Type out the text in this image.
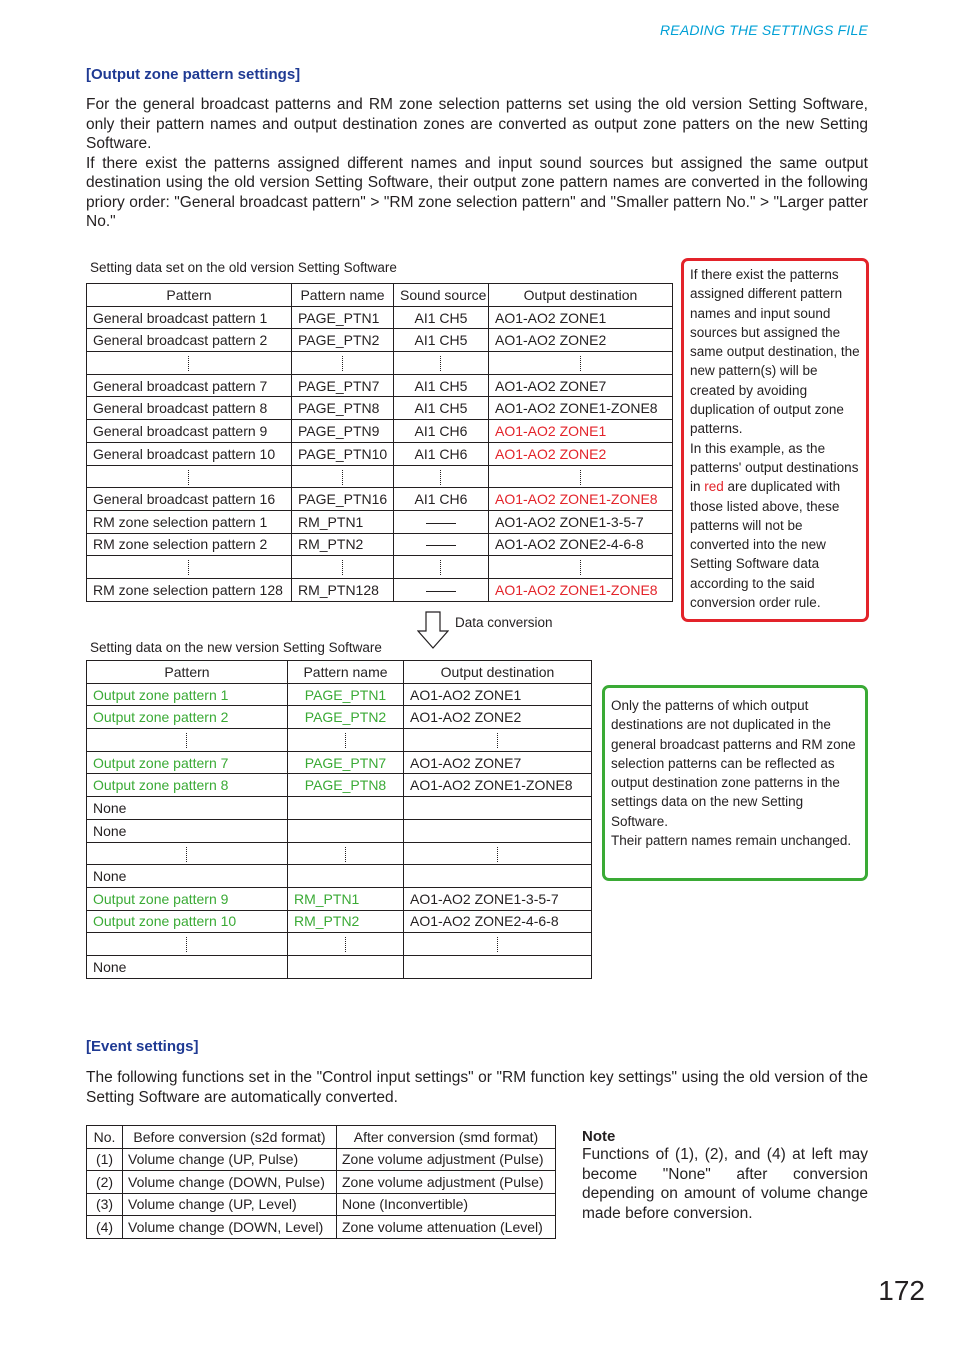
READING THE SETTINGS FILE
[Output zone pattern settings]
For the general broadcast patterns and RM zone selection patterns set using the old version Setting Software, only their pattern names and output destination zones are converted as output zone patters on the new Setting Software.
If there exist the patterns assigned different names and input sound sources but assigned the same output destination using the old version Setting Software, their output zone pattern names are converted in the following priory order: "General broadcast pattern" > "RM zone selection pattern" and "Smaller pattern No." > "Larger patter No."
Setting data set on the old version Setting Software
Pattern	Pattern name	Sound source	Output destination
General broadcast pattern 1	PAGE_PTN1	AI1 CH5	AO1-AO2 ZONE1
General broadcast pattern 2	PAGE_PTN2	AI1 CH5	AO1-AO2 ZONE2

General broadcast pattern 7	PAGE_PTN7	AI1 CH5	AO1-AO2 ZONE7
General broadcast pattern 8	PAGE_PTN8	AI1 CH5	AO1-AO2 ZONE1-ZONE8
General broadcast pattern 9	PAGE_PTN9	AI1 CH6	AO1-AO2 ZONE1
General broadcast pattern 10	PAGE_PTN10	AI1 CH6	AO1-AO2 ZONE2

General broadcast pattern 16	PAGE_PTN16	AI1 CH6	AO1-AO2 ZONE1-ZONE8
RM zone selection pattern 1	RM_PTN1		AO1-AO2 ZONE1-3-5-7
RM zone selection pattern 2	RM_PTN2		AO1-AO2 ZONE2-4-6-8

RM zone selection pattern 128	RM_PTN128		AO1-AO2 ZONE1-ZONE8
If there exist the patterns assigned different pattern names and input sound sources but assigned the same output destination, the new pattern(s) will be created by avoiding duplication of output zone patterns.
In this example, as the patterns' output destinations in red are duplicated with those listed above, these patterns will not be converted into the new Setting Software data according to the said conversion order rule.
Data conversion
Setting data on the new version Setting Software
Pattern	Pattern name	Output destination
Output zone pattern 1	PAGE_PTN1	AO1-AO2 ZONE1
Output zone pattern 2	PAGE_PTN2	AO1-AO2 ZONE2

Output zone pattern 7	PAGE_PTN7	AO1-AO2 ZONE7
Output zone pattern 8	PAGE_PTN8	AO1-AO2 ZONE1-ZONE8
None		
None		

None		
Output zone pattern 9	RM_PTN1	AO1-AO2 ZONE1-3-5-7
Output zone pattern 10	RM_PTN2	AO1-AO2 ZONE2-4-6-8

None		
Only the patterns of which output destinations are not duplicated in the general broadcast patterns and RM zone selection patterns can be reflected as output destination zone patterns in the settings data on the new Setting Software.
Their pattern names remain unchanged.
[Event settings]
The following functions set in the "Control input settings" or "RM function key settings" using the old version of the Setting Software are automatically converted.
No.	Before conversion (s2d format)	After conversion (smd format)
(1)	Volume change (UP, Pulse)	Zone volume adjustment (Pulse)
(2)	Volume change (DOWN, Pulse)	Zone volume adjustment (Pulse)
(3)	Volume change (UP, Level)	None (Inconvertible)
(4)	Volume change (DOWN, Level)	Zone volume attenuation (Level)
Note
Functions of (1), (2), and (4) at left may become "None" after conversion depending on amount of volume change made before conversion.
172
